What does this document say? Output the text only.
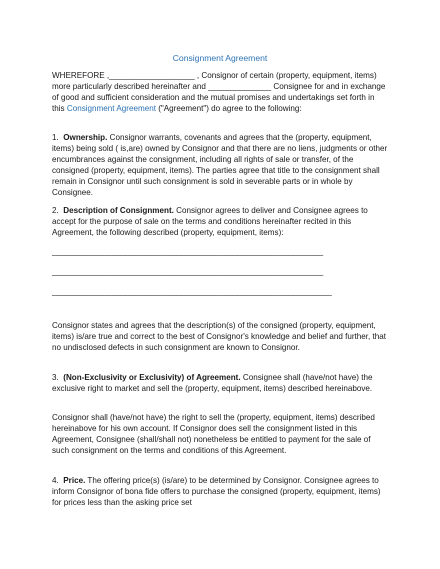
Consignment Agreement
WHEREFORE ,___________________ , Consignor of certain (property, equipment, items) more particularly described hereinafter and ______________ Consignee for and in exchange of good and sufficient consideration and the mutual promises and undertakings set forth in this Consignment Agreement ("Agreement") do agree to the following:
1. Ownership. Consignor warrants, covenants and agrees that the (property, equipment, items) being sold ( is,are) owned by Consignor and that there are no liens, judgments or other encumbrances against the consignment, including all rights of sale or transfer, of the consigned (property, equipment, items). The parties agree that title to the consignment shall remain in Consignor until such consignment is sold in severable parts or in whole by Consignee.
2. Description of Consignment. Consignor agrees to deliver and Consignee agrees to accept for the purpose of sale on the terms and conditions hereinafter recited in this Agreement, the following described (property, equipment, items):
_______________________________________________________________
_______________________________________________________________
_________________________________________________________________
Consignor states and agrees that the description(s) of the consigned (property, equipment, items) is/are true and correct to the best of Consignor's knowledge and belief and further, that no undisclosed defects in such consignment are known to Consignor.
3. (Non-Exclusivity or Exclusivity) of Agreement. Consignee shall (have/not have) the exclusive right to market and sell the (property, equipment, items) described hereinabove.
Consignor shall (have/not have) the right to sell the (property, equipment, items) described hereinabove for his own account. If Consignor does sell the consignment listed in this Agreement, Consignee (shall/shall not) nonetheless be entitled to payment for the sale of such consignment on the terms and conditions of this Agreement.
4. Price. The offering price(s) (is/are) to be determined by Consignor. Consignee agrees to inform Consignor of bona fide offers to purchase the consigned (property, equipment, items) for prices less than the asking price set
